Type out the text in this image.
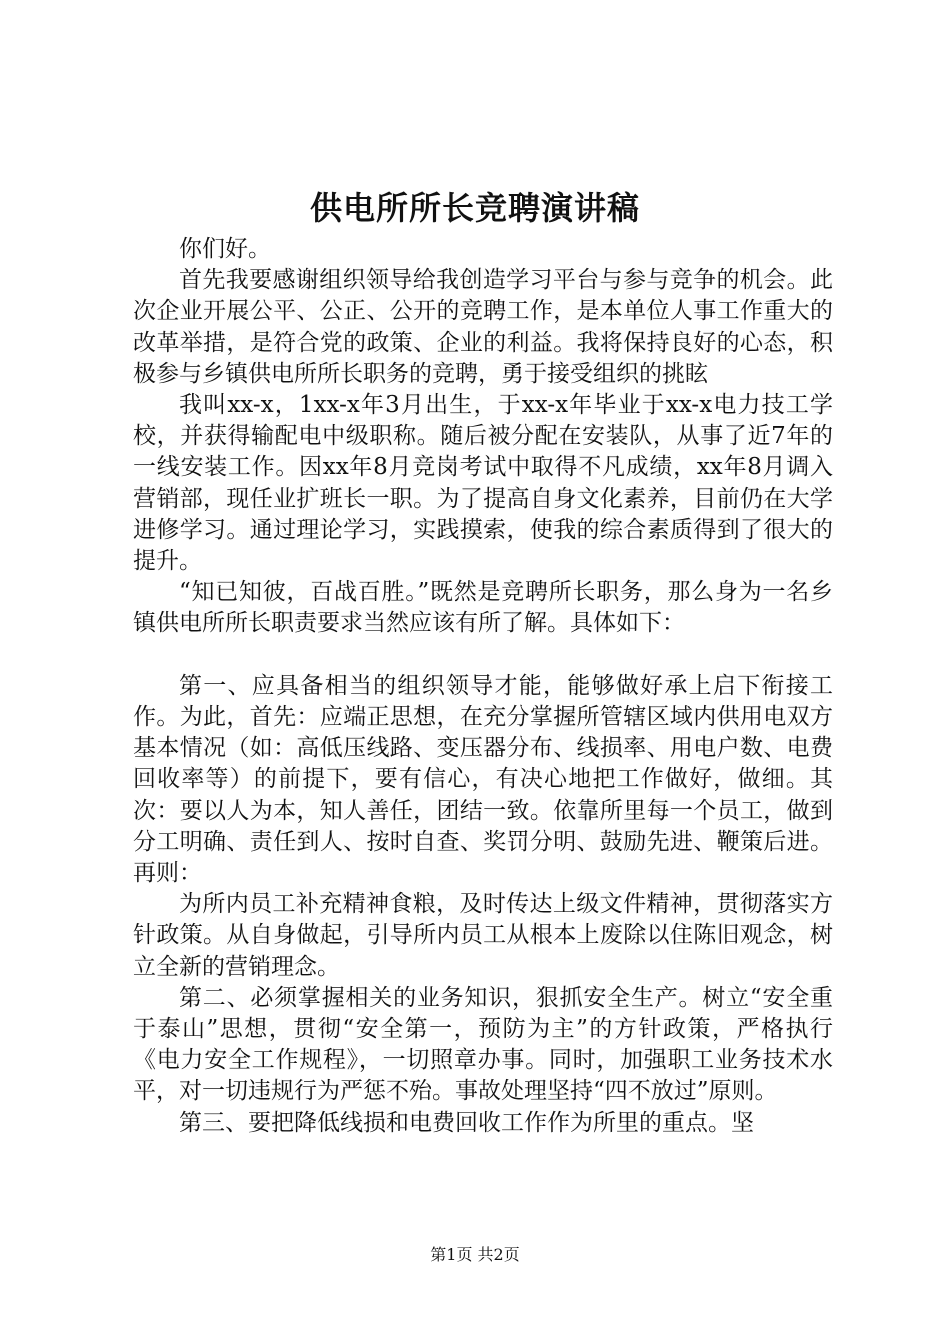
供电所所长竞聘演讲稿

你们好。

首先我要感谢组织领导给我创造学习平台与参与竞争的机会。此次企业开展公平、公正、公开的竞聘工作，是本单位人事工作重大的改革举措，是符合党的政策、企业的利益。我将保持良好的心态，积极参与乡镇供电所所长职务的竞聘，勇于接受组织的挑眩

我叫xx-x，1xx-x年3月出生，于xx-x年毕业于xx-x电力技工学校，并获得输配电中级职称。随后被分配在安装队，从事了近7年的一线安装工作。因xx年8月竞岗考试中取得不凡成绩，xx年8月调入营销部，现任业扩班长一职。为了提高自身文化素养，目前仍在大学进修学习。通过理论学习，实践摸索，使我的综合素质得到了很大的提升。

“知已知彼，百战百胜。”既然是竞聘所长职务，那么身为一名乡镇供电所所长职责要求当然应该有所了解。具体如下：

第一、应具备相当的组织领导才能，能够做好承上启下衔接工作。为此，首先：应端正思想，在充分掌握所管辖区域内供用电双方基本情况（如：高低压线路、变压器分布、线损率、用电户数、电费回收率等）的前提下，要有信心，有决心地把工作做好，做细。其次：要以人为本，知人善任，团结一致。依靠所里每一个员工，做到分工明确、责任到人、按时自查、奖罚分明、鼓励先进、鞭策后进。再则：

为所内员工补充精神食粮，及时传达上级文件精神，贯彻落实方针政策。从自身做起，引导所内员工从根本上废除以住陈旧观念，树立全新的营销理念。

第二、必须掌握相关的业务知识，狠抓安全生产。树立“安全重于泰山”思想，贯彻“安全第一，预防为主”的方针政策，严格执行《电力安全工作规程》，一切照章办事。同时，加强职工业务技术水平，对一切违规行为严惩不殆。事故处理坚持“四不放过”原则。

第三、要把降低线损和电费回收工作作为所里的重点。坚

第1页 共2页
